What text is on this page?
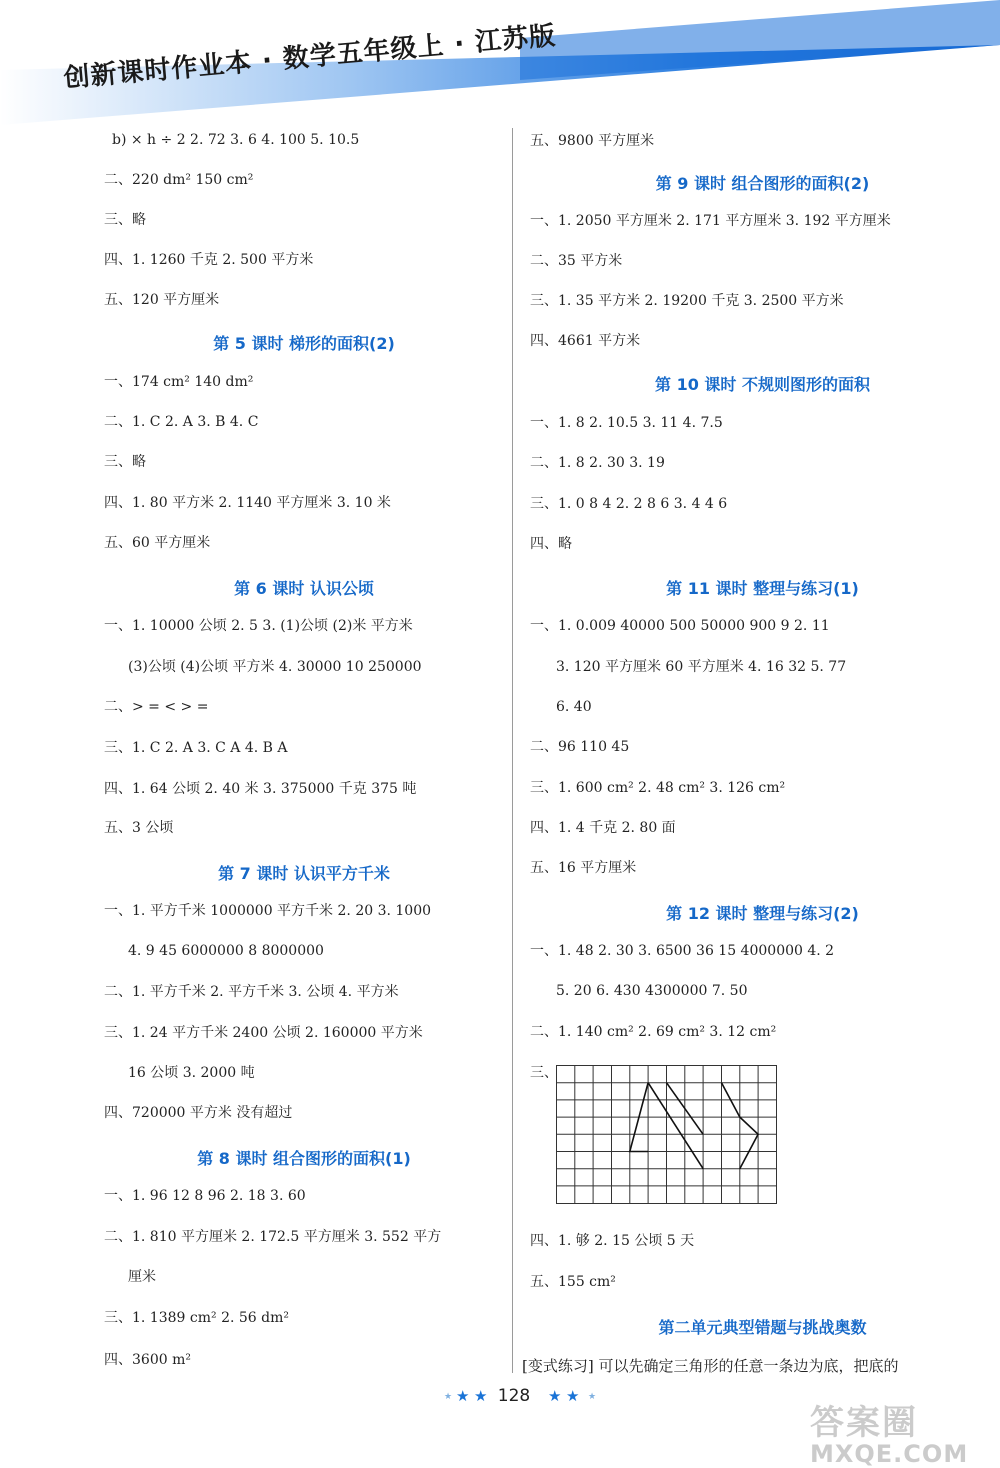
创新课时作业本 · 数学五年级上 · 江苏版
b) × h ÷ 2 2. 72 3. 6 4. 100 5. 10.5
二、220 dm² 150 cm²
三、略
四、1. 1260 千克 2. 500 平方米
五、120 平方厘米
第 5 课时 梯形的面积(2)
一、174 cm² 140 dm²
二、1. C 2. A 3. B 4. C
三、略
四、1. 80 平方米 2. 1140 平方厘米 3. 10 米
五、60 平方厘米
第 6 课时 认识公顷
一、1. 10000 公顷 2. 5 3. (1)公顷 (2)米 平方米
(3)公顷 (4)公顷 平方米 4. 30000 10 250000
二、> = < > =
三、1. C 2. A 3. C A 4. B A
四、1. 64 公顷 2. 40 米 3. 375000 千克 375 吨
五、3 公顷
第 7 课时 认识平方千米
一、1. 平方千米 1000000 平方千米 2. 20 3. 1000
4. 9 45 6000000 8 8000000
二、1. 平方千米 2. 平方千米 3. 公顷 4. 平方米
三、1. 24 平方千米 2400 公顷 2. 160000 平方米
16 公顷 3. 2000 吨
四、720000 平方米 没有超过
第 8 课时 组合图形的面积(1)
一、1. 96 12 8 96 2. 18 3. 60
二、1. 810 平方厘米 2. 172.5 平方厘米 3. 552 平方
厘米
三、1. 1389 cm² 2. 56 dm²
四、3600 m²
五、9800 平方厘米
第 9 课时 组合图形的面积(2)
一、1. 2050 平方厘米 2. 171 平方厘米 3. 192 平方厘米
二、35 平方米
三、1. 35 平方米 2. 19200 千克 3. 2500 平方米
四、4661 平方米
第 10 课时 不规则图形的面积
一、1. 8 2. 10.5 3. 11 4. 7.5
二、1. 8 2. 30 3. 19
三、1. 0 8 4 2. 2 8 6 3. 4 4 6
四、略
第 11 课时 整理与练习(1)
一、1. 0.009 40000 500 50000 900 9 2. 11
3. 120 平方厘米 60 平方厘米 4. 16 32 5. 77
6. 40
二、96 110 45
三、1. 600 cm² 2. 48 cm² 3. 126 cm²
四、1. 4 千克 2. 80 面
五、16 平方厘米
第 12 课时 整理与练习(2)
一、1. 48 2. 30 3. 6500 36 15 4000000 4. 2
5. 20 6. 430 4300000 7. 50
二、1. 140 cm² 2. 69 cm² 3. 12 cm²
三、
四、1. 够 2. 15 公顷 5 天
五、155 cm²
第二单元典型错题与挑战奥数
[变式练习] 可以先确定三角形的任意一条边为底，把底的
★ ★ ★ 128	★ ★ ★
答案圈
MXQE.COM
